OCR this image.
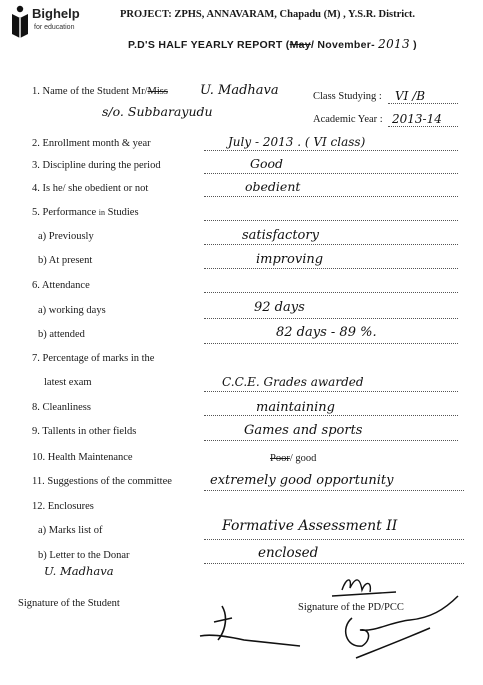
Bighelp
for education
PROJECT: ZPHS, ANNAVARAM, Chapadu (M) , Y.S.R. District.
P.D'S HALF YEARLY REPORT (May/ November- 2013 )
1. Name of the Student Mr/Miss U. Madhava
s/o. Subbarayudu
Class Studying : VI /B
Academic Year : 2013-14
2. Enrollment month & year	July - 2013 . ( VI class)
3. Discipline during the period	Good
4. Is he/ she obedient or not	obedient
5. Performance in Studies
a) Previously	satisfactory
b) At present	improving
6. Attendance
a) working days	92 days
b) attended	82 days - 89 %.
7. Percentage of marks in the
latest exam	C.C.E. Grades awarded
8. Cleanliness	maintaining
9. Tallents in other fields	Games and sports
10. Health Maintenance	Poor/ good
11. Suggestions of the committee	extremely good opportunity
12. Enclosures
a) Marks list of	Formative Assessment II
b) Letter to the Donar	enclosed
U. Madhava
Signature of the Student	Signature of the PD/PCC
